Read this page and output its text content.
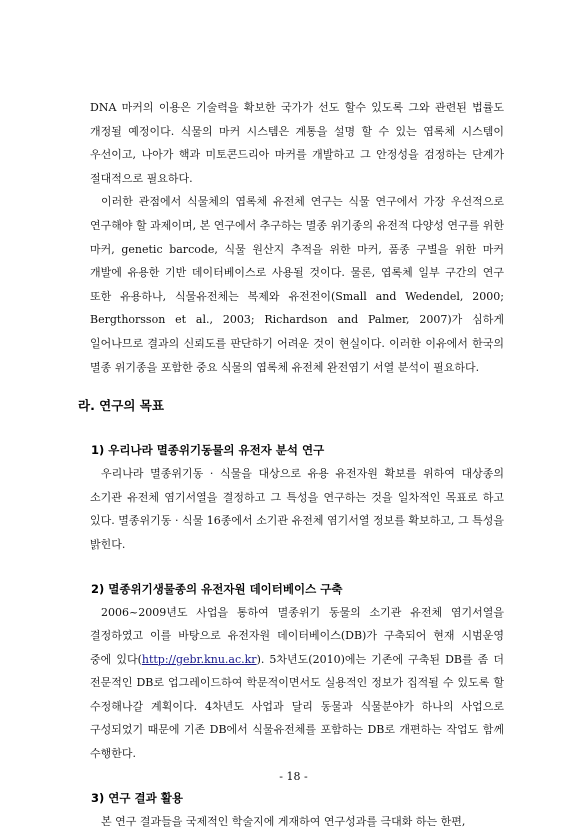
DNA 마커의 이용은 기술력을 확보한 국가가 선도 할수 있도록 그와 관련된 법률도 개정될 예정이다. 식물의 마커 시스템은 계통을 설명 할 수 있는 엽록체 시스템이 우선이고, 나아가 핵과 미토콘드리아 마커를 개발하고 그 안정성을 검정하는 단계가 절대적으로 필요하다.

이러한 관점에서 식물체의 엽록체 유전체 연구는 식물 연구에서 가장 우선적으로 연구해야 할 과제이며, 본 연구에서 추구하는 멸종 위기종의 유전적 다양성 연구를 위한 마커, genetic barcode, 식물 원산지 추적을 위한 마커, 품종 구별을 위한 마커 개발에 유용한 기반 데이터베이스로 사용될 것이다. 물론, 엽록체 일부 구간의 연구 또한 유용하나, 식물유전체는 복제와 유전전이(Small and Wedendel, 2000; Bergthorsson et al., 2003; Richardson and Palmer, 2007)가 심하게 일어나므로 결과의 신뢰도를 판단하기 어려운 것이 현실이다. 이러한 이유에서 한국의 멸종 위기종을 포함한 중요 식물의 엽록체 유전체 완전염기 서열 분석이 필요하다.

라. 연구의 목표
1) 우리나라 멸종위기동물의 유전자 분석 연구

우리나라 멸종위기동 · 식물을 대상으로 유용 유전자원 확보를 위하여 대상종의 소기관 유전체 염기서열을 결정하고 그 특성을 연구하는 것을 일차적인 목표로 하고 있다. 멸종위기동 · 식물 16종에서 소기관 유전체 염기서열 정보를 확보하고, 그 특성을 밝힌다.

2) 멸종위기생물종의 유전자원 데이터베이스 구축

2006~2009년도 사업을 통하여 멸종위기 동물의 소기관 유전체 염기서열을 결정하였고 이를 바탕으로 유전자원 데이터베이스(DB)가 구축되어 현재 시범운영 중에 있다(http://gebr.knu.ac.kr). 5차년도(2010)에는 기존에 구축된 DB를 좀 더 전문적인 DB로 업그레이드하여 학문적이면서도 실용적인 정보가 집적될 수 있도록 할 수정해나갈 계획이다. 4차년도 사업과 달리 동물과 식물분야가 하나의 사업으로 구성되었기 때문에 기존 DB에서 식물유전체를 포함하는 DB로 개편하는 작업도 함께 수행한다.

3) 연구 결과 활용

본 연구 결과들을 국제적인 학술지에 게재하여 연구성과를 극대화 하는 한편,

- 18 -
